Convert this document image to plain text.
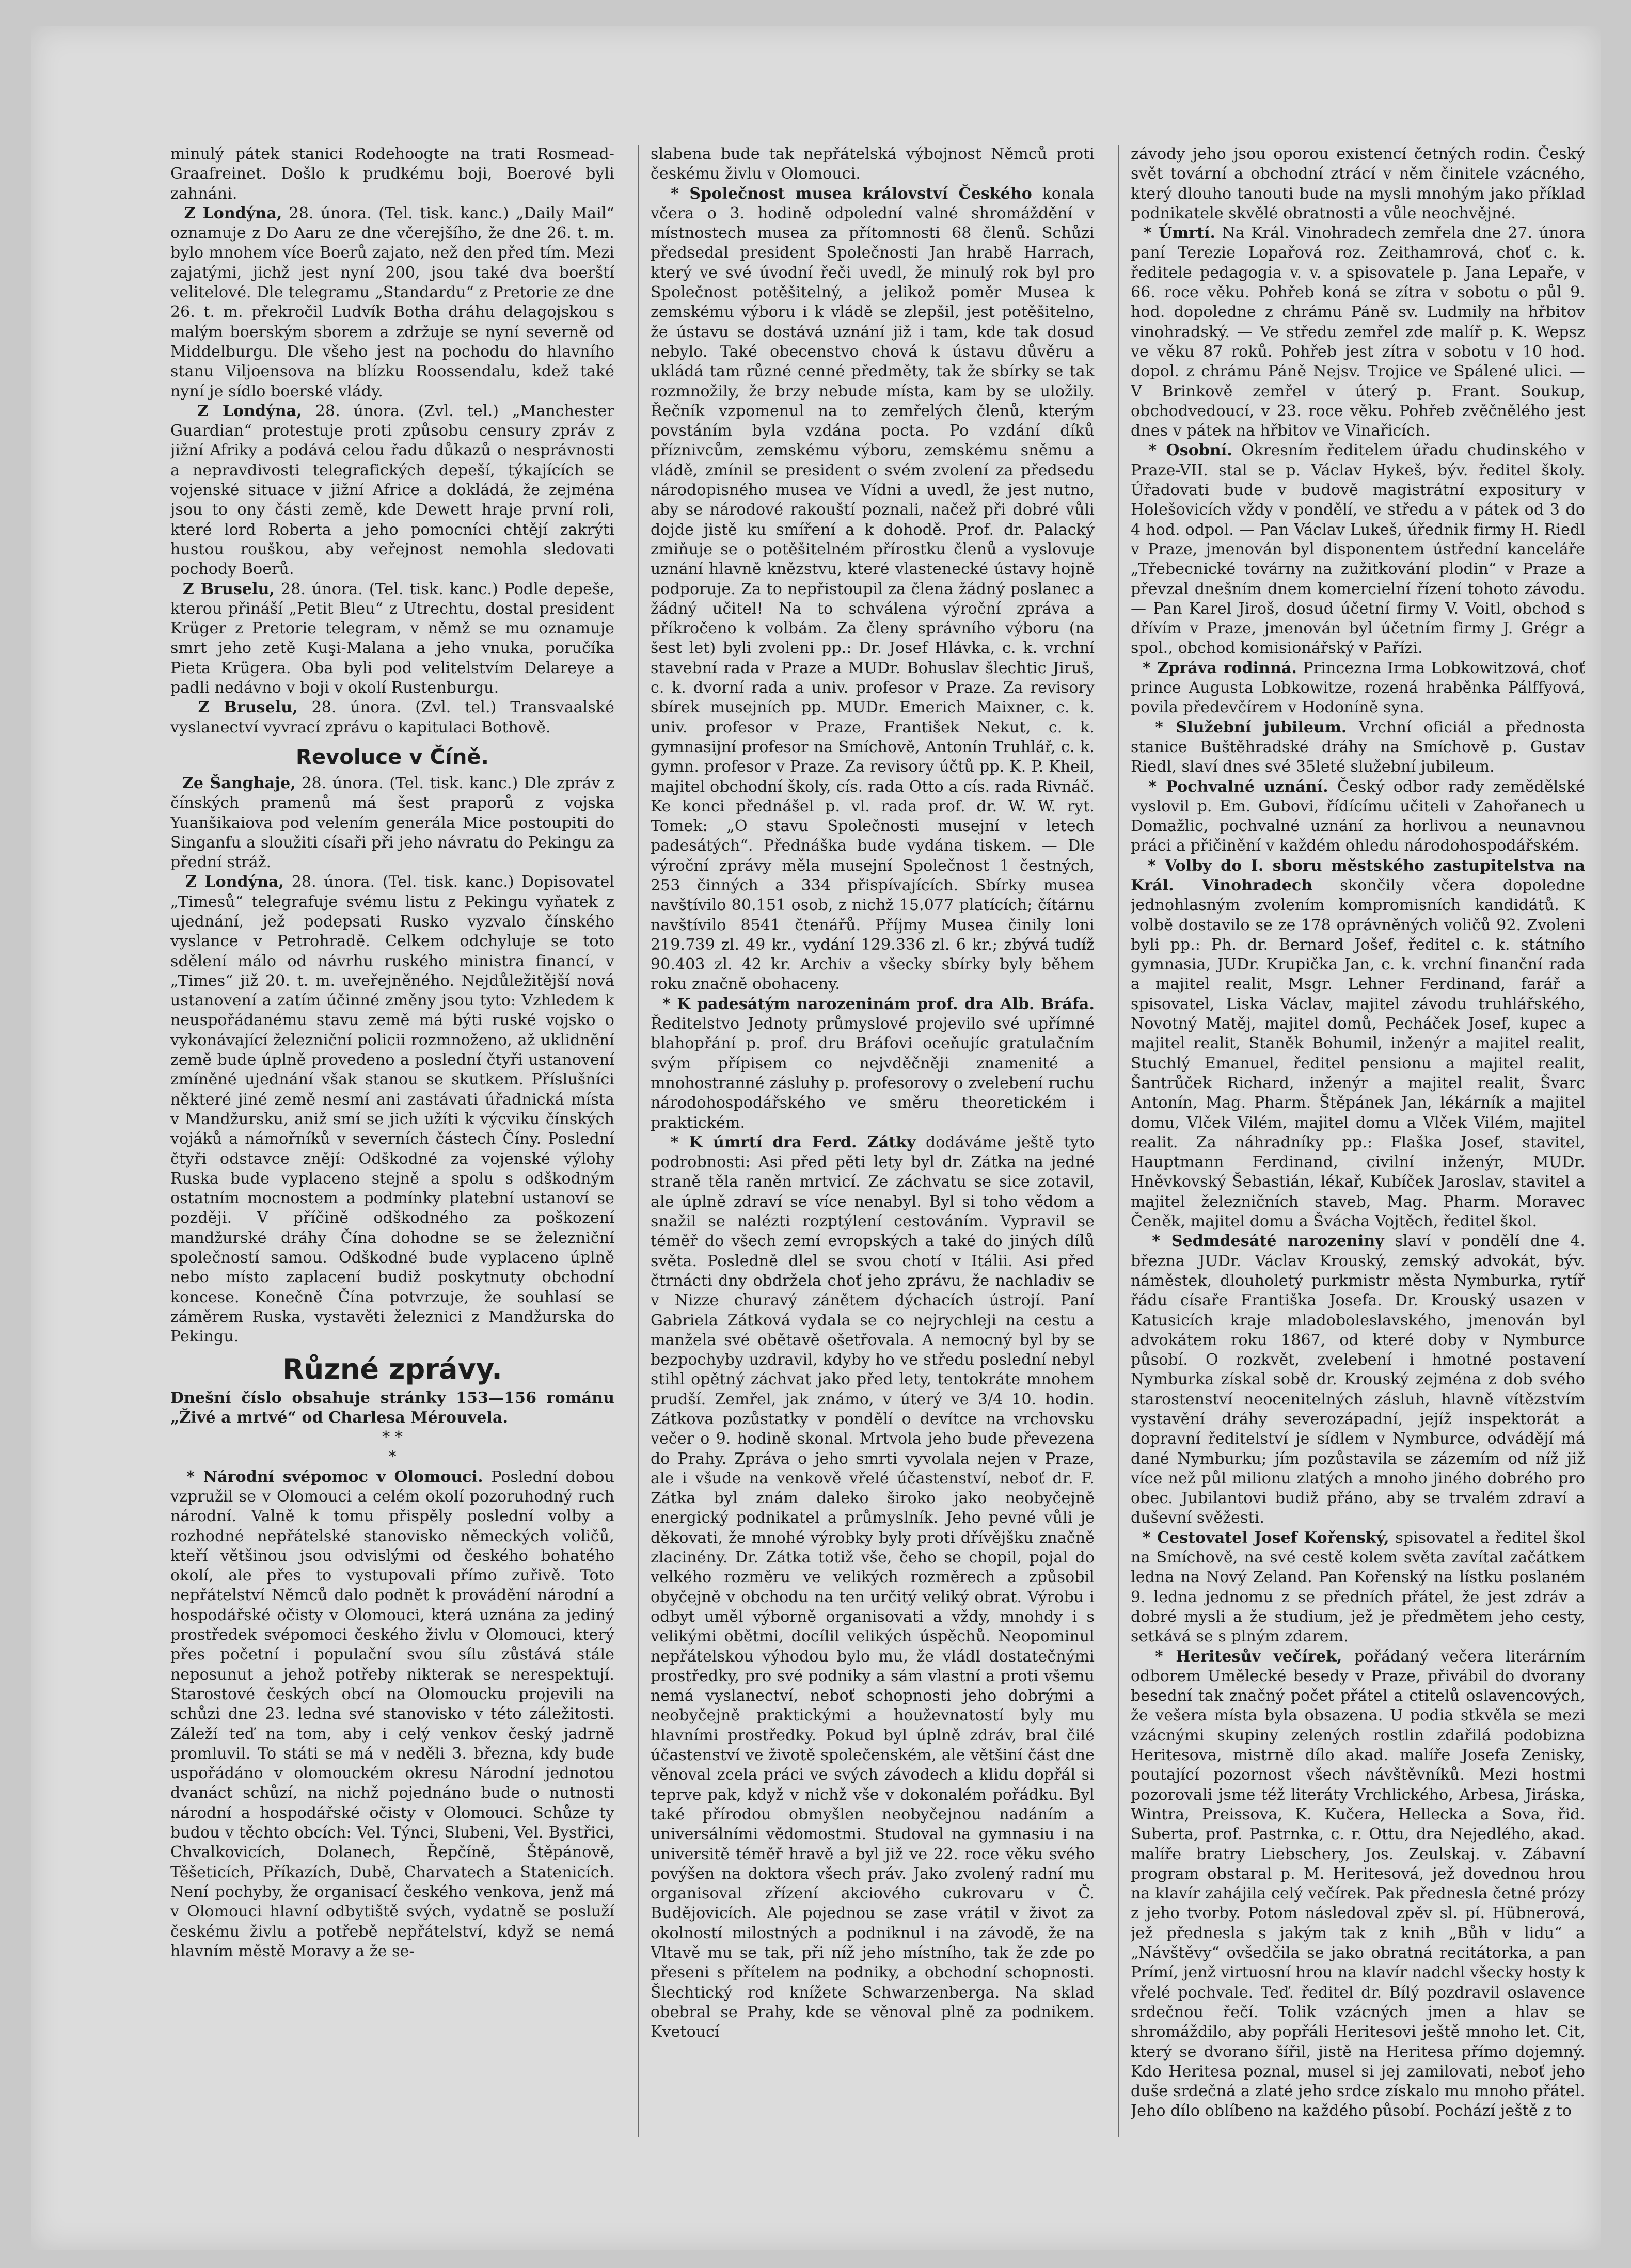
minulý pátek stanici Rodehoogte na trati Rosmead-Graafreinet. Došlo k prudkému boji, Boerové byli zahnáni.

Z Londýna, 28. února. (Tel. tisk. kanc.) „Daily Mail“ oznamuje z Do Aaru ze dne včerejšího, že dne 26. t. m. bylo mnohem více Boerů zajato, než den před tím. Mezi zajatými, jichž jest nyní 200, jsou také dva boerští velitelové. Dle telegramu „Standardu“ z Pretorie ze dne 26. t. m. překročil Ludvík Botha dráhu delagojskou s malým boerským sborem a zdržuje se nyní severně od Middelburgu. Dle všeho jest na pochodu do hlavního stanu Viljoensova na blízku Roossendalu, kdež také nyní je sídlo boerské vlády.

Z Londýna, 28. února. (Zvl. tel.) „Manchester Guardian“ protestuje proti způsobu censury zpráv z jižní Afriky a podává celou řadu důkazů o nesprávnosti a nepravdivosti telegrafických depeší, týkajících se vojenské situace v jižní Africe a dokládá, že zejména jsou to ony části země, kde Dewett hraje první roli, které lord Roberta a jeho pomocníci chtějí zakrýti hustou rouškou, aby veřejnost nemohla sledovati pochody Boerů.

Z Bruselu, 28. února. (Tel. tisk. kanc.) Podle depeše, kterou přináší „Petit Bleu“ z Utrechtu, dostal president Krüger z Pretorie telegram, v němž se mu oznamuje smrt jeho zetě Kuşi-Malana a jeho vnuka, poručíka Pieta Krügera. Oba byli pod velitelstvím Delareye a padli nedávno v boji v okolí Rustenburgu.

Z Bruselu, 28. února. (Zvl. tel.) Transvaalské vyslanectví vyvrací zprávu o kapitulaci Bothově.

Revoluce v Číně.

Ze Šanghaje, 28. února. (Tel. tisk. kanc.) Dle zpráv z čínských pramenů má šest praporů z vojska Yuanšikaiova pod velením generála Mice postoupiti do Singanfu a sloužiti císaři při jeho návratu do Pekingu za přední stráž.

Z Londýna, 28. února. (Tel. tisk. kanc.) Dopisovatel „Timesů“ telegrafuje svému listu z Pekingu vyňatek z ujednání, jež podepsati Rusko vyzvalo čínského vyslance v Petrohradě. Celkem odchyluje se toto sdělení málo od návrhu ruského ministra financí, v „Times“ již 20. t. m. uveřejněného. Nejdůležitější nová ustanovení a zatím účinné změny jsou tyto: Vzhledem k neuspořádanému stavu země má býti ruské vojsko o vykonávající železniční policii rozmnoženo, až uklidnění země bude úplně provedeno a poslední čtyři ustanovení zmíněné ujednání však stanou se skutkem. Příslušníci některé jiné země nesmí ani zastávati úřadnická místa v Mandžursku, aniž smí se jich užíti k výcviku čínských vojáků a námořníků v severních částech Číny. Poslední čtyři odstavce znějí: Odškodné za vojenské výlohy Ruska bude vyplaceno stejně a spolu s odškodným ostatním mocnostem a podmínky platební ustanoví se později. V příčině odškodného za poškození mandžurské dráhy Čína dohodne se se železniční společností samou. Odškodné bude vyplaceno úplně nebo místo zaplacení budiž poskytnuty obchodní koncese. Konečně Čína potvrzuje, že souhlasí se záměrem Ruska, vystavěti železnici z Mandžurska do Pekingu.

Různé zprávy.

Dnešní číslo obsahuje stránky 153—156 románu „Živé a mrtvé“ od Charlesa Mérouvela.

* *
*

* Národní svépomoc v Olomouci. Poslední dobou vzpružil se v Olomouci a celém okolí pozoruhodný ruch národní. Valně k tomu přispěly poslední volby a rozhodné nepřátelské stanovisko německých voličů, kteří většinou jsou odvislými od českého bohatého okolí, ale přes to vystupovali přímo zuřivě. Toto nepřátelství Němců dalo podnět k provádění národní a hospodářské očisty v Olomouci, která uznána za jediný prostředek svépomoci českého živlu v Olomouci, který přes početní i populační svou sílu zůstává stále neposunut a jehož potřeby nikterak se nerespektují. Starostové českých obcí na Olomoucku projevili na schůzi dne 23. ledna své stanovisko v této záležitosti. Záleží teď na tom, aby i celý venkov český jadrně promluvil. To státi se má v neděli 3. března, kdy bude uspořádáno v olomouckém okresu Národní jednotou dvanáct schůzí, na nichž pojednáno bude o nutnosti národní a hospodářské očisty v Olomouci. Schůze ty budou v těchto obcích: Vel. Týnci, Slubeni, Vel. Bystřici, Chvalkovicích, Dolanech, Řepčíně, Štěpánově, Těšeticích, Příkazích, Dubě, Charvatech a Statenicích. Není pochyby, že organisací českého venkova, jenž má v Olomouci hlavní odbytiště svých, vydatně se posluží českému živlu a potřebě nepřátelství, když se nemá hlavním městě Moravy a že se-

slabena bude tak nepřátelská výbojnost Němců proti českému živlu v Olomouci.

* Společnost musea království Českého konala včera o 3. hodině odpolední valné shromáždění v místnostech musea za přítomnosti 68 členů. Schůzi předsedal president Společnosti Jan hrabě Harrach, který ve své úvodní řeči uvedl, že minulý rok byl pro Společnost potěšitelný, a jelikož poměr Musea k zemskému výboru i k vládě se zlepšil, jest potěšitelno, že ústavu se dostává uznání již i tam, kde tak dosud nebylo. Také obecenstvo chová k ústavu důvěru a ukládá tam různé cenné předměty, tak že sbírky se tak rozmnožily, že brzy nebude místa, kam by se uložily. Řečník vzpomenul na to zemřelých členů, kterým povstáním byla vzdána pocta. Po vzdání díků příznivcům, zemskému výboru, zemskému sněmu a vládě, zmínil se president o svém zvolení za předsedu národopisného musea ve Vídni a uvedl, že jest nutno, aby se národové rakouští poznali, načež při dobré vůli dojde jistě ku smíření a k dohodě. Prof. dr. Palacký zmiňuje se o potěšitelném přírostku členů a vyslovuje uznání hlavně knězstvu, které vlastenecké ústavy hojně podporuje. Za to nepřistoupil za člena žádný poslanec a žádný učitel! Na to schválena výroční zpráva a příkročeno k volbám. Za členy správního výboru (na šest let) byli zvoleni pp.: Dr. Josef Hlávka, c. k. vrchní stavební rada v Praze a MUDr. Bohuslav šlechtic Jiruš, c. k. dvorní rada a univ. profesor v Praze. Za revisory sbírek musejních pp. MUDr. Emerich Maixner, c. k. univ. profesor v Praze, František Nekut, c. k. gymnasijní profesor na Smíchově, Antonín Truhlář, c. k. gymn. profesor v Praze. Za revisory účtů pp. K. P. Kheil, majitel obchodní školy, cís. rada Otto a cís. rada Rivnáč. Ke konci přednášel p. vl. rada prof. dr. W. W. ryt. Tomek: „O stavu Společnosti musejní v letech padesátých“. Přednáška bude vydána tiskem. — Dle výroční zprávy měla musejní Společnost 1 čestných, 253 činných a 334 přispívajících. Sbírky musea navštívilo 80.151 osob, z nichž 15.077 platících; čítárnu navštívilo 8541 čtenářů. Příjmy Musea činily loni 219.739 zl. 49 kr., vydání 129.336 zl. 6 kr.; zbývá tudíž 90.403 zl. 42 kr. Archiv a všecky sbírky byly během roku značně obohaceny.

* K padesátým narozeninám prof. dra Alb. Bráfa. Ředitelstvo Jednoty průmyslové projevilo své upřímné blahopřání p. prof. dru Bráfovi oceňujíc gratulačním svým přípisem co nejvděčněji znamenité a mnohostranné zásluhy p. profesorovy o zvelebení ruchu národohospodářského ve směru theoretickém i praktickém.

* K úmrtí dra Ferd. Zátky dodáváme ještě tyto podrobnosti: Asi před pěti lety byl dr. Zátka na jedné straně těla raněn mrtvicí. Ze záchvatu se sice zotavil, ale úplně zdraví se více nenabyl. Byl si toho vědom a snažil se nalézti rozptýlení cestováním. Vypravil se téměř do všech zemí evropských a také do jiných dílů světa. Posledně dlel se svou chotí v Itálii. Asi před čtrnácti dny obdržela choť jeho zprávu, že nachladiv se v Nizze churavý zánětem dýchacích ústrojí. Paní Gabriela Zátková vydala se co nejrychleji na cestu a manžela své obětavě ošetřovala. A nemocný byl by se bezpochyby uzdravil, kdyby ho ve středu poslední nebyl stihl opětný záchvat jako před lety, tentokráte mnohem prudší. Zemřel, jak známo, v úterý ve 3/4 10. hodin. Zátkova pozůstatky v pondělí o devítce na vrchovsku večer o 9. hodině skonal. Mrtvola jeho bude převezena do Prahy. Zpráva o jeho smrti vyvolala nejen v Praze, ale i všude na venkově vřelé účastenství, neboť dr. F. Zátka byl znám daleko široko jako neobyčejně energický podnikatel a průmyslník. Jeho pevné vůli je děkovati, že mnohé výrobky byly proti dřívějšku značně zlacinény. Dr. Zátka totiž vše, čeho se chopil, pojal do velkého rozměru ve velikých rozměrech a způsobil obyčejně v obchodu na ten určitý veliký obrat. Výrobu i odbyt uměl výborně organisovati a vždy, mnohdy i s velikými obětmi, docílil velikých úspěchů. Neopominul nepřátelskou výhodou bylo mu, že vládl dostatečnými prostředky, pro své podniky a sám vlastní a proti všemu nemá vyslanectví, neboť schopnosti jeho dobrými a neobyčejně praktickými a houževnatostí byly mu hlavními prostředky. Pokud byl úplně zdráv, bral čilé účastenství ve životě společenském, ale většiní část dne věnoval zcela práci ve svých závodech a klidu dopřál si teprve pak, když v nichž vše v dokonalém pořádku. Byl také přírodou obmyšlen neobyčejnou nadáním a universálními vědomostmi. Studoval na gymnasiu i na universitě téměř hravě a byl již ve 22. roce věku svého povýšen na doktora všech práv. Jako zvolený radní mu organisoval zřízení akciového cukrovaru v Č. Budějovicích. Ale pojednou se zase vrátil v život za okolností milostných a podniknul i na závodě, že na Vltavě mu se tak, při níž jeho místního, tak že zde po přeseni s přítelem na podniky, a obchodní schopnosti. Šlechtický rod knížete Schwarzenberga. Na sklad obebral se Prahy, kde se věnoval plně za podnikem. Kvetoucí

závody jeho jsou oporou existencí četných rodin. Český svět tovární a obchodní ztrácí v něm činitele vzácného, který dlouho tanouti bude na mysli mnohým jako příklad podnikatele skvělé obratnosti a vůle neochvějné.

* Úmrtí. Na Král. Vinohradech zemřela dne 27. února paní Terezie Lopařová roz. Zeithamrová, choť c. k. ředitele pedagogia v. v. a spisovatele p. Jana Lepaře, v 66. roce věku. Pohřeb koná se zítra v sobotu o půl 9. hod. dopoledne z chrámu Páně sv. Ludmily na hřbitov vinohradský. — Ve středu zemřel zde malíř p. K. Wepsz ve věku 87 roků. Pohřeb jest zítra v sobotu v 10 hod. dopol. z chrámu Páně Nejsv. Trojice ve Spálené ulici. — V Brinkově zemřel v úterý p. Frant. Soukup, obchodvedoucí, v 23. roce věku. Pohřeb zvěčnělého jest dnes v pátek na hřbitov ve Vinařicích.

* Osobní. Okresním ředitelem úřadu chudinského v Praze-VII. stal se p. Václav Hykeš, býv. ředitel školy. Úřadovati bude v budově magistrátní expositury v Holešovicích vždy v pondělí, ve středu a v pátek od 3 do 4 hod. odpol. — Pan Václav Lukeš, úřednik firmy H. Riedl v Praze, jmenován byl disponentem ústřední kanceláře „Třebecnické továrny na zužitkování plodin“ v Praze a převzal dnešním dnem komercielní řízení tohoto závodu. — Pan Karel Jiroš, dosud účetní firmy V. Voitl, obchod s dřívím v Praze, jmenován byl účetním firmy J. Grégr a spol., obchod komisionářský v Pařízi.

* Zpráva rodinná. Princezna Irma Lobkowitzová, choť prince Augusta Lobkowitze, rozená hraběnka Pálffyová, povila předevčírem v Hodoníně syna.

* Služební jubileum. Vrchní oficiál a přednosta stanice Buštěhradské dráhy na Smíchově p. Gustav Riedl, slaví dnes své 35leté služební jubileum.

* Pochvalné uznání. Český odbor rady zemědělské vyslovil p. Em. Gubovi, řídícímu učiteli v Zahořanech u Domažlic, pochvalné uznání za horlivou a neunavnou práci a přičinění v každém ohledu národohospodářském.

* Volby do I. sboru městského zastupitelstva na Král. Vinohradech skončily včera dopoledne jednohlasným zvolením kompromisních kandidátů. K volbě dostavilo se ze 178 oprávněných voličů 92. Zvoleni byli pp.: Ph. dr. Bernard Jošef, ředitel c. k. státního gymnasia, JUDr. Krupička Jan, c. k. vrchní finanční rada a majitel realit, Msgr. Lehner Ferdinand, farář a spisovatel, Liska Václav, majitel závodu truhlářského, Novotný Matěj, majitel domů, Pecháček Josef, kupec a majitel realit, Staněk Bohumil, inženýr a majitel realit, Stuchlý Emanuel, ředitel pensionu a majitel realit, Šantrůček Richard, inženýr a majitel realit, Švarc Antonín, Mag. Pharm. Štěpánek Jan, lékárník a majitel domu, Vlček Vilém, majitel domu a Vlček Vilém, majitel realit. Za náhradníky pp.: Flaška Josef, stavitel, Hauptmann Ferdinand, civilní inženýr, MUDr. Hněvkovský Šebastián, lékař, Kubíček Jaroslav, stavitel a majitel železničních staveb, Mag. Pharm. Moravec Čeněk, majitel domu a Švácha Vojtěch, ředitel škol.

* Sedmdesáté narozeniny slaví v pondělí dne 4. března JUDr. Václav Krouský, zemský advokát, býv. náměstek, dlouholetý purkmistr města Nymburka, rytíř řádu císaře Františka Josefa. Dr. Krouský usazen v Katusicích kraje mladoboleslavského, jmenován byl advokátem roku 1867, od které doby v Nymburce působí. O rozkvět, zvelebení i hmotné postavení Nymburka získal sobě dr. Krouský zejména z dob svého starostenství neocenitelných zásluh, hlavně vítězstvím vystavění dráhy severozápadní, jejíž inspektorát a dopravní ředitelství je sídlem v Nymburce, odvádějí má dané Nymburku; jím pozůstavila se zázemím od níž již více než půl milionu zlatých a mnoho jiného dobrého pro obec. Jubilantovi budiž přáno, aby se trvalém zdraví a duševní svěžesti.

* Cestovatel Josef Kořenský, spisovatel a ředitel škol na Smíchově, na své cestě kolem světa zavítal začátkem ledna na Nový Zeland. Pan Kořenský na lístku poslaném 9. ledna jednomu z se předních přátel, že jest zdráv a dobré mysli a že studium, jež je předmětem jeho cesty, setkává se s plným zdarem.

* Heritesův večírek, pořádaný večera literárním odborem Umělecké besedy v Praze, přivábil do dvorany besední tak značný počet přátel a ctitelů oslavencových, že vešera místa byla obsazena. U podia stkvěla se mezi vzácnými skupiny zelených rostlin zdařilá podobizna Heritesova, mistrně dílo akad. malíře Josefa Zenisky, poutající pozornost všech návštěvníků. Mezi hostmi pozorovali jsme též literáty Vrchlického, Arbesa, Jiráska, Wintra, Preissova, K. Kučera, Hellecka a Sova, řid. Suberta, prof. Pastrnka, c. r. Ottu, dra Nejedlého, akad. malíře bratry Liebschery, Jos. Zeulskaj. v. Zábavní program obstaral p. M. Heritesová, jež dovednou hrou na klavír zahájila celý večírek. Pak přednesla četné prózy z jeho tvorby. Potom následoval zpěv sl. pí. Hübnerová, jež přednesla s jakým tak z knih „Bůh v lidu“ a „Návštěvy“ ovšedčila se jako obratná recitátorka, a pan Prímí, jenž virtuosní hrou na klavír nadchl všecky hosty k vřelé pochvale. Teď. ředitel dr. Bílý pozdravil oslavence srdečnou řečí. Tolik vzácných jmen a hlav se shromáždilo, aby popřáli Heritesovi ještě mnoho let. Cit, který se dvorano šířil, jistě na Heritesa přímo dojemný. Kdo Heritesa poznal, musel si jej zamilovati, neboť jeho duše srdečná a zlaté jeho srdce získalo mu mnoho přátel. Jeho dílo oblíbeno na každého působí. Pochází ještě z to
